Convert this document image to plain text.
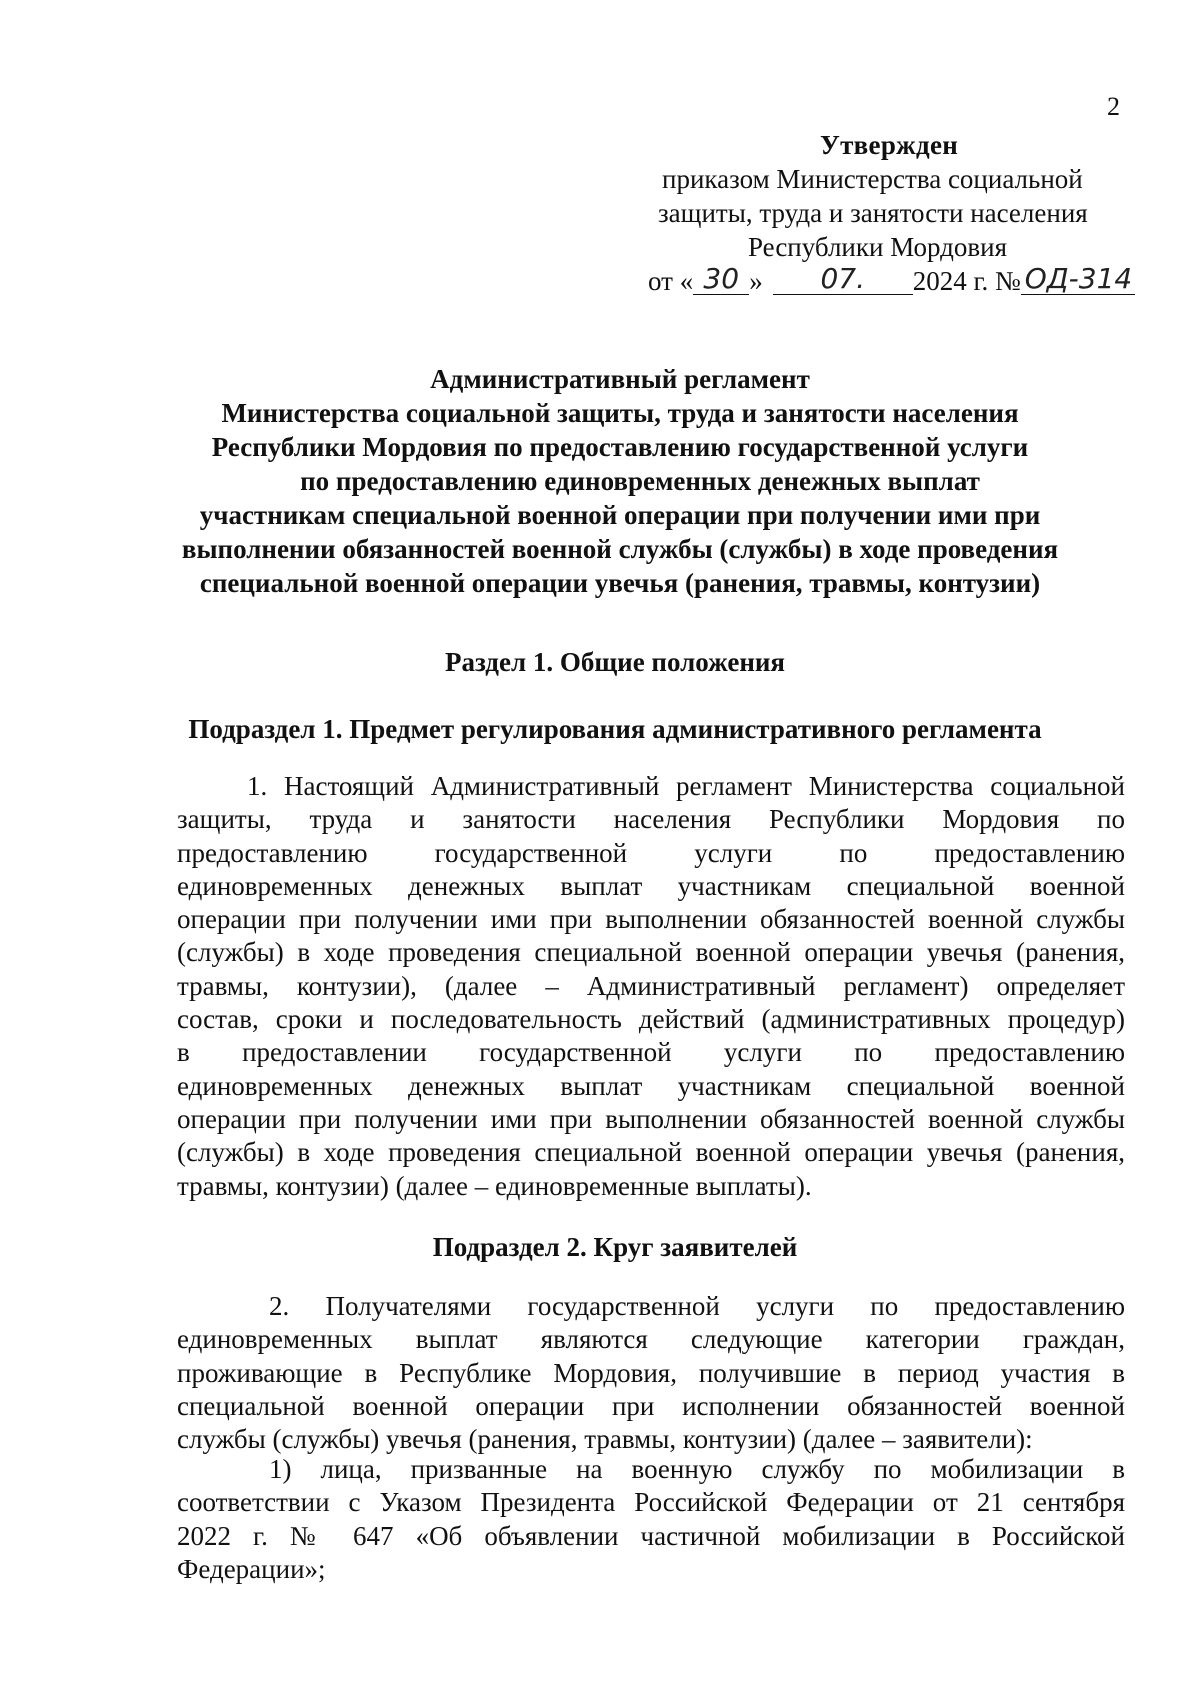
2
Утвержден
приказом Министерства социальной
защиты, труда и занятости населения
Республики Мордовия
от « 30 » 07. 2024 г. № ОД-314
Административный регламент
Министерства социальной защиты, труда и занятости населения
Республики Мордовия по предоставлению государственной услуги
по предоставлению единовременных денежных выплат
участникам специальной военной операции при получении ими при
выполнении обязанностей военной службы (службы) в ходе проведения
специальной военной операции увечья (ранения, травмы, контузии)
Раздел 1. Общие положения
Подраздел 1. Предмет регулирования административного регламента
1. Настоящий Административный регламент Министерства социальной
защиты, труда и занятости населения Республики Мордовия по
предоставлению государственной услуги по предоставлению
единовременных денежных выплат участникам специальной военной
операции при получении ими при выполнении обязанностей военной службы
(службы) в ходе проведения специальной военной операции увечья (ранения,
травмы, контузии), (далее – Административный регламент) определяет
состав, сроки и последовательность действий (административных процедур)
в предоставлении государственной услуги по предоставлению
единовременных денежных выплат участникам специальной военной
операции при получении ими при выполнении обязанностей военной службы
(службы) в ходе проведения специальной военной операции увечья (ранения,
травмы, контузии) (далее – единовременные выплаты).
Подраздел 2. Круг заявителей
2. Получателями государственной услуги по предоставлению
единовременных выплат являются следующие категории граждан,
проживающие в Республике Мордовия, получившие в период участия в
специальной военной операции при исполнении обязанностей военной
службы (службы) увечья (ранения, травмы, контузии) (далее – заявители):
1) лица, призванные на военную службу по мобилизации в
соответствии с Указом Президента Российской Федерации от 21 сентября
2022 г. № 647 «Об объявлении частичной мобилизации в Российской
Федерации»;
